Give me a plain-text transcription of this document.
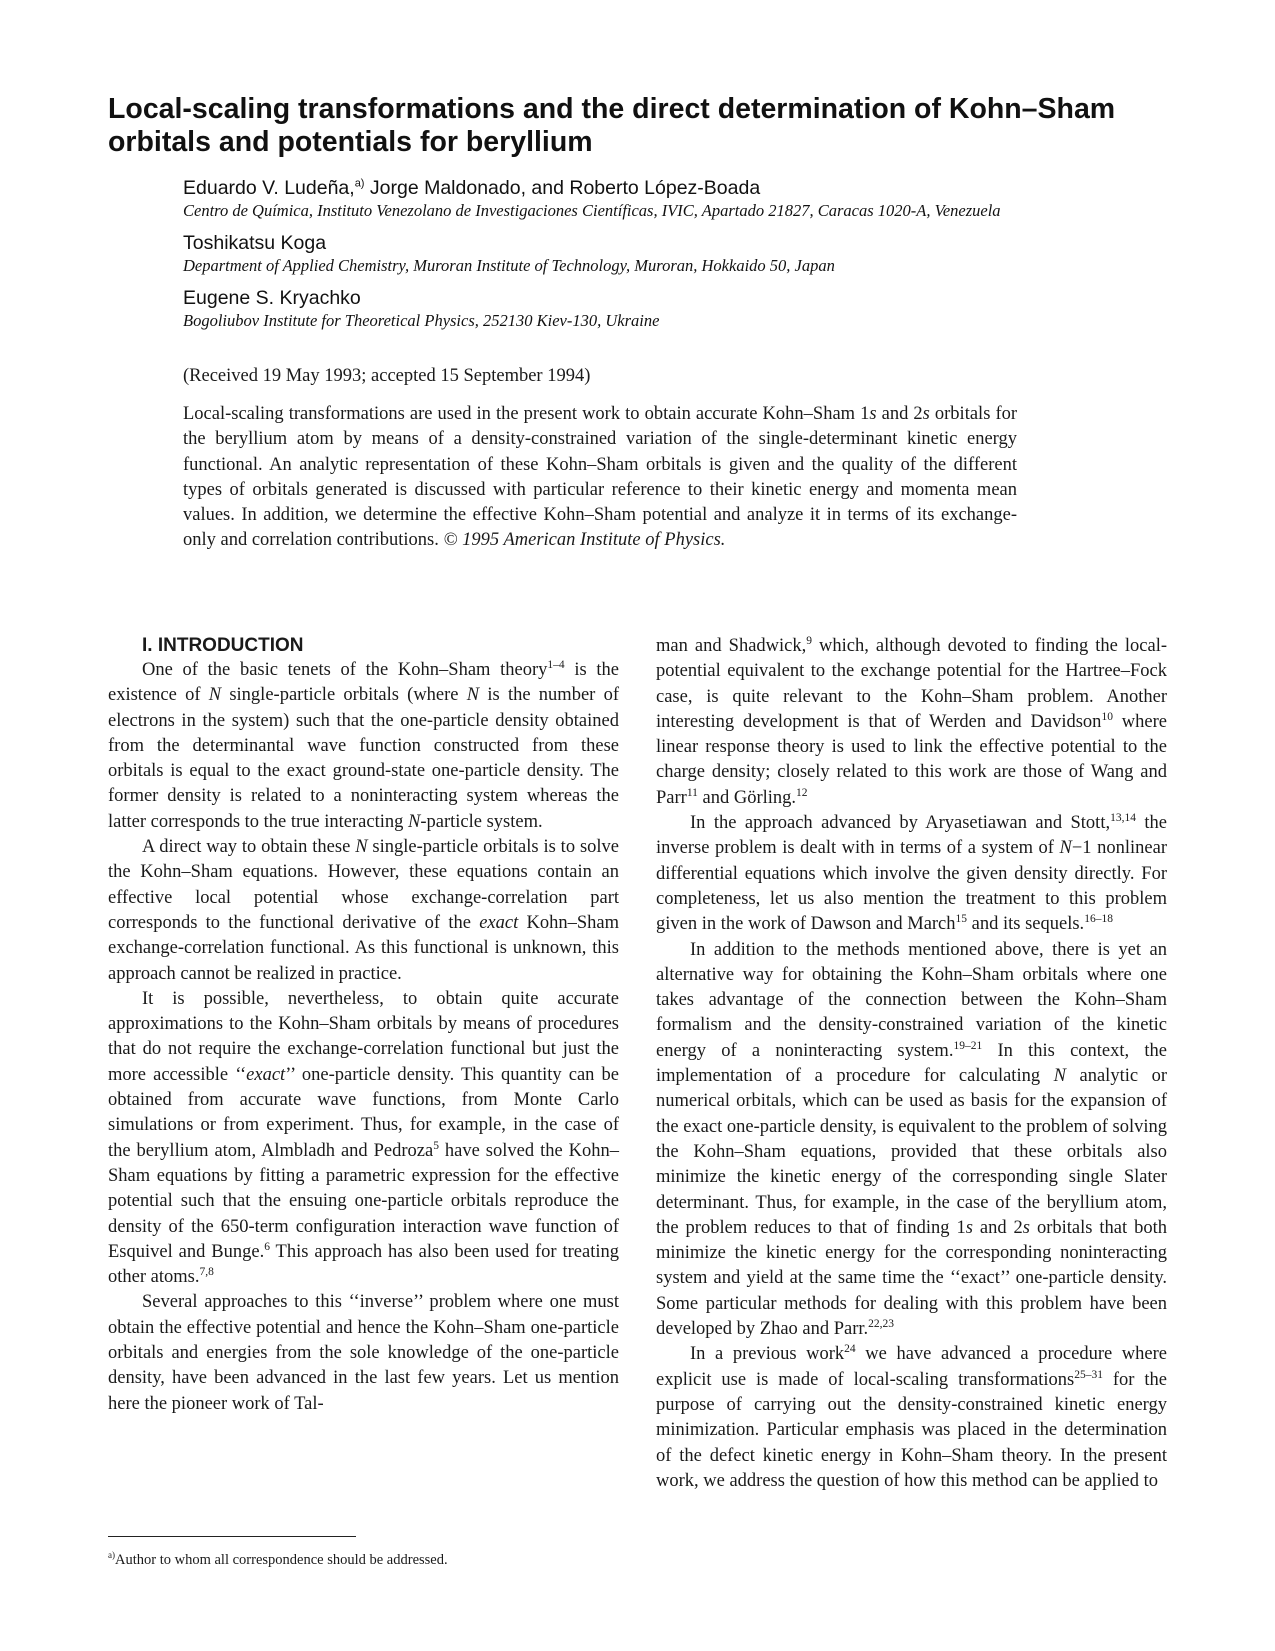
Local-scaling transformations and the direct determination of Kohn–Sham orbitals and potentials for beryllium

Eduardo V. Ludeña,$^{a)}$ Jorge Maldonado, and Roberto López-Boada

Centro de Química, Instituto Venezolano de Investigaciones Científicas, IVIC, Apartado 21827, Caracas 1020-A, Venezuela

Toshikatsu Koga

Department of Applied Chemistry, Muroran Institute of Technology, Muroran, Hokkaido 50, Japan

Eugene S. Kryachko

Bogoliubov Institute for Theoretical Physics, 252130 Kiev-130, Ukraine

(Received 19 May 1993; accepted 15 September 1994)

Local-scaling transformations are used in the present work to obtain accurate Kohn–Sham 1s and 2s orbitals for the beryllium atom by means of a density-constrained variation of the single-determinant kinetic energy functional. An analytic representation of these Kohn–Sham orbitals is given and the quality of the different types of orbitals generated is discussed with particular reference to their kinetic energy and momenta mean values. In addition, we determine the effective Kohn–Sham potential and analyze it in terms of its exchange-only and correlation contributions. © 1995 American Institute of Physics.

I. INTRODUCTION

One of the basic tenets of the Kohn–Sham theory$^{1-4}$ is the existence of N single-particle orbitals (where N is the number of electrons in the system) such that the one-particle density obtained from the determinantal wave function constructed from these orbitals is equal to the exact ground-state one-particle density. The former density is related to a noninteracting system whereas the latter corresponds to the true interacting N-particle system.

A direct way to obtain these N single-particle orbitals is to solve the Kohn–Sham equations. However, these equations contain an effective local potential whose exchange-correlation part corresponds to the functional derivative of the exact Kohn–Sham exchange-correlation functional. As this functional is unknown, this approach cannot be realized in practice.

It is possible, nevertheless, to obtain quite accurate approximations to the Kohn–Sham orbitals by means of procedures that do not require the exchange-correlation functional but just the more accessible ‘‘exact’’ one-particle density. This quantity can be obtained from accurate wave functions, from Monte Carlo simulations or from experiment. Thus, for example, in the case of the beryllium atom, Almbladh and Pedroza$^5$ have solved the Kohn–Sham equations by fitting a parametric expression for the effective potential such that the ensuing one-particle orbitals reproduce the density of the 650-term configuration interaction wave function of Esquivel and Bunge.$^6$ This approach has also been used for treating other atoms.$^{7,8}$

Several approaches to this ‘‘inverse’’ problem where one must obtain the effective potential and hence the Kohn–Sham one-particle orbitals and energies from the sole knowledge of the one-particle density, have been advanced in the last few years. Let us mention here the pioneer work of Tal-

man and Shadwick,$^9$ which, although devoted to finding the local-potential equivalent to the exchange potential for the Hartree–Fock case, is quite relevant to the Kohn–Sham problem. Another interesting development is that of Werden and Davidson$^{10}$ where linear response theory is used to link the effective potential to the charge density; closely related to this work are those of Wang and Parr$^{11}$ and Görling.$^{12}$

In the approach advanced by Aryasetiawan and Stott,$^{13,14}$ the inverse problem is dealt with in terms of a system of N−1 nonlinear differential equations which involve the given density directly. For completeness, let us also mention the treatment to this problem given in the work of Dawson and March$^{15}$ and its sequels.$^{16-18}$

In addition to the methods mentioned above, there is yet an alternative way for obtaining the Kohn–Sham orbitals where one takes advantage of the connection between the Kohn–Sham formalism and the density-constrained variation of the kinetic energy of a noninteracting system.$^{19-21}$ In this context, the implementation of a procedure for calculating N analytic or numerical orbitals, which can be used as basis for the expansion of the exact one-particle density, is equivalent to the problem of solving the Kohn–Sham equations, provided that these orbitals also minimize the kinetic energy of the corresponding single Slater determinant. Thus, for example, in the case of the beryllium atom, the problem reduces to that of finding 1s and 2s orbitals that both minimize the kinetic energy for the corresponding noninteracting system and yield at the same time the ‘‘exact’’ one-particle density. Some particular methods for dealing with this problem have been developed by Zhao and Parr.$^{22,23}$

In a previous work$^{24}$ we have advanced a procedure where explicit use is made of local-scaling transformations$^{25-31}$ for the purpose of carrying out the density-constrained kinetic energy minimization. Particular emphasis was placed in the determination of the defect kinetic energy in Kohn–Sham theory. In the present work, we address the question of how this method can be applied to

$^{a)}$Author to whom all correspondence should be addressed.
